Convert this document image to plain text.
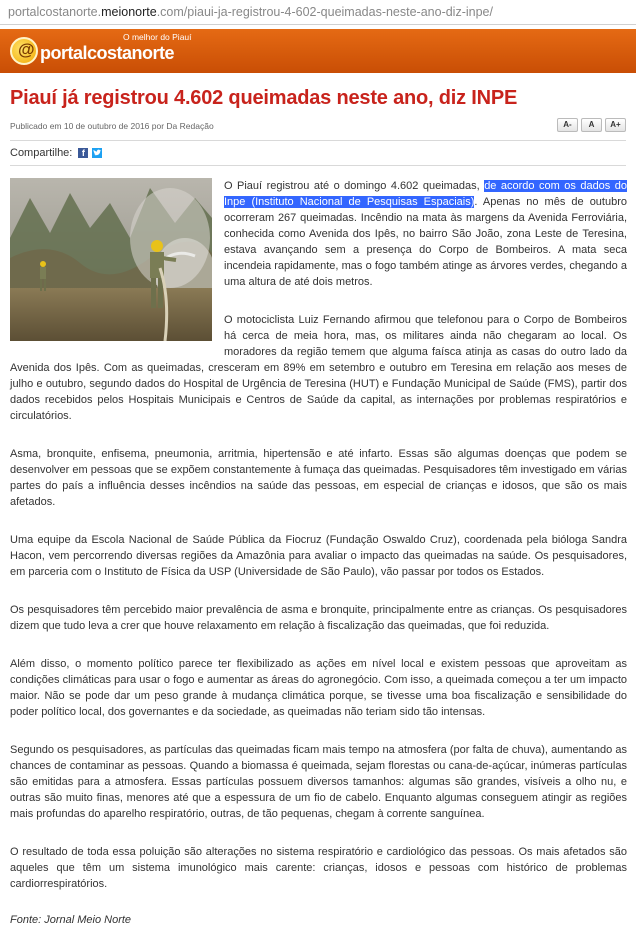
portalcostanorte.meionorte.com/piaui-ja-registrou-4-602-queimadas-neste-ano-diz-inpe/
@ portalcostanorte
O melhor do Piauí
Piauí já registrou 4.602 queimadas neste ano, diz INPE
Publicado em 10 de outubro de 2016 por Da Redação	A-	A	A+
Compartilhe:	f

O Piauí registrou até o domingo 4.602 queimadas, de acordo com os dados do Inpe (Instituto Nacional de Pesquisas Espaciais). Apenas no mês de outubro ocorreram 267 queimadas. Incêndio na mata às margens da Avenida Ferroviária, conhecida como Avenida dos Ipês, no bairro São João, zona Leste de Teresina, estava avançando sem a presença do Corpo de Bombeiros. A mata seca incendeia rapidamente, mas o fogo também atinge as árvores verdes, chegando a uma altura de até dois metros.

O motociclista Luiz Fernando afirmou que telefonou para o Corpo de Bombeiros há cerca de meia hora, mas, os militares ainda não chegaram ao local. Os moradores da região temem que alguma faísca atinja as casas do outro lado da Avenida dos Ipês. Com as queimadas, cresceram em 89% em setembro e outubro em Teresina em relação aos meses de julho e outubro, segundo dados do Hospital de Urgência de Teresina (HUT) e Fundação Municipal de Saúde (FMS), partir dos dados recebidos pelos Hospitais Municipais e Centros de Saúde da capital, as internações por problemas respiratórios e circulatórios.

Asma, bronquite, enfisema, pneumonia, arritmia, hipertensão e até infarto. Essas são algumas doenças que podem se desenvolver em pessoas que se expõem constantemente à fumaça das queimadas. Pesquisadores têm investigado em várias partes do país a influência desses incêndios na saúde das pessoas, em especial de crianças e idosos, que são os mais afetados.

Uma equipe da Escola Nacional de Saúde Pública da Fiocruz (Fundação Oswaldo Cruz), coordenada pela bióloga Sandra Hacon, vem percorrendo diversas regiões da Amazônia para avaliar o impacto das queimadas na saúde. Os pesquisadores, em parceria com o Instituto de Física da USP (Universidade de São Paulo), vão passar por todos os Estados.

Os pesquisadores têm percebido maior prevalência de asma e bronquite, principalmente entre as crianças. Os pesquisadores dizem que tudo leva a crer que houve relaxamento em relação à fiscalização das queimadas, que foi reduzida.

Além disso, o momento político parece ter flexibilizado as ações em nível local e existem pessoas que aproveitam as condições climáticas para usar o fogo e aumentar as áreas do agronegócio. Com isso, a queimada começou a ter um impacto maior. Não se pode dar um peso grande à mudança climática porque, se tivesse uma boa fiscalização e sensibilidade do poder político local, dos governantes e da sociedade, as queimadas não teriam sido tão intensas.

Segundo os pesquisadores, as partículas das queimadas ficam mais tempo na atmosfera (por falta de chuva), aumentando as chances de contaminar as pessoas. Quando a biomassa é queimada, sejam florestas ou cana-de-açúcar, inúmeras partículas são emitidas para a atmosfera. Essas partículas possuem diversos tamanhos: algumas são grandes, visíveis a olho nu, e outras são muito finas, menores até que a espessura de um fio de cabelo. Enquanto algumas conseguem atingir as regiões mais profundas do aparelho respiratório, outras, de tão pequenas, chegam à corrente sanguínea.

O resultado de toda essa poluição são alterações no sistema respiratório e cardiológico das pessoas. Os mais afetados são aqueles que têm um sistema imunológico mais carente: crianças, idosos e pessoas com histórico de problemas cardiorrespiratórios.

Fonte: Jornal Meio Norte
